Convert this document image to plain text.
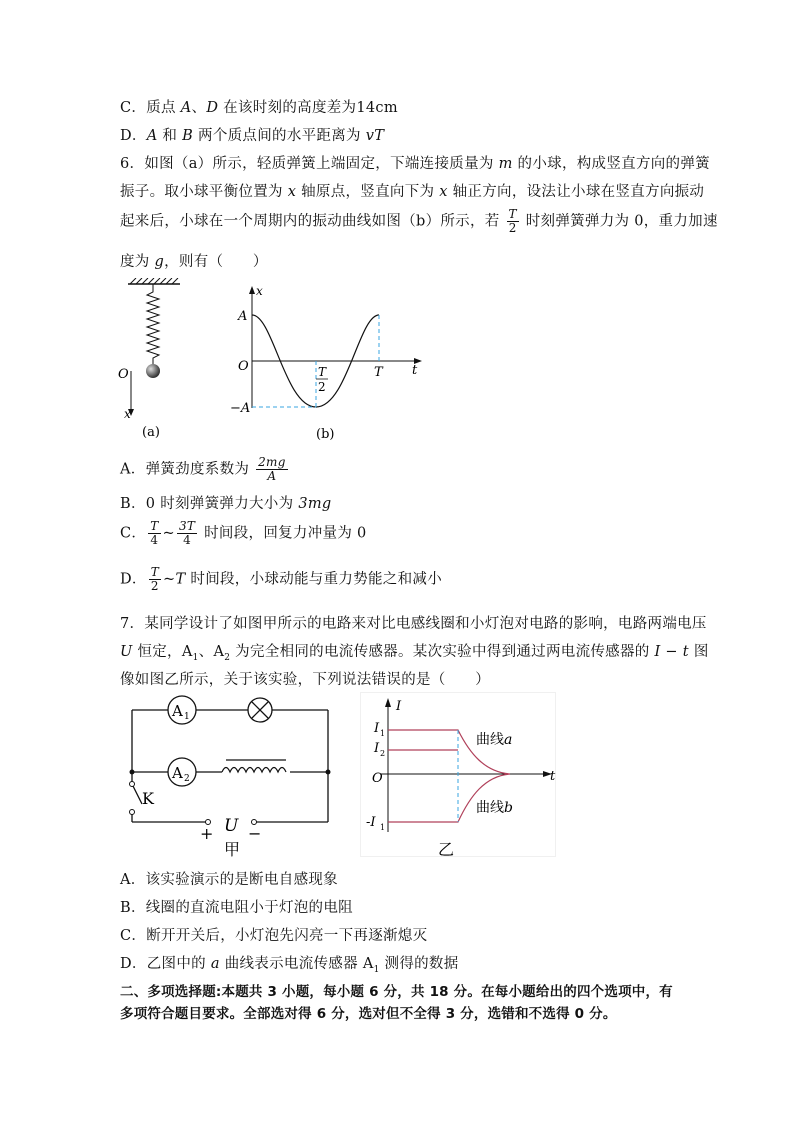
C．质点 A、D 在该时刻的高度差为14cm
D．A 和 B 两个质点间的水平距离为 vT
6．如图（a）所示，轻质弹簧上端固定，下端连接质量为 m 的小球，构成竖直方向的弹簧
振子。取小球平衡位置为 x 轴原点，竖直向下为 x 轴正方向，设法让小球在竖直方向振动
起来后，小球在一个周期内的振动曲线如图（b）所示，若 $\frac{T}{2}$ 时刻弹簧弹力为 0，重力加速
度为 g，则有（　　）
O
x
(a)
x
A
O
−A
T
2
T t
(b)
A．弹簧劲度系数为 $\frac{2mg}{A}$
B．0 时刻弹簧弹力大小为 3mg
C． $\frac{T}{4}$ ~ $\frac{3T}{4}$ 时间段，回复力冲量为 0
D． $\frac{T}{2}$ ~T 时间段，小球动能与重力势能之和减小
7．某同学设计了如图甲所示的电路来对比电感线圈和小灯泡对电路的影响，电路两端电压
U 恒定，$A_1$、$A_2$ 为完全相同的电流传感器。某次实验中得到通过两电流传感器的 I − t 图
像如图乙所示，关于该实验，下列说法错误的是（　　）
A 1
A 2
K
+ U −
甲
I
I 1
I 2
O	t
-I 1
曲线 a
曲线 b
乙
A．该实验演示的是断电自感现象
B．线圈的直流电阻小于灯泡的电阻
C．断开开关后，小灯泡先闪亮一下再逐渐熄灭
D．乙图中的 a 曲线表示电流传感器 $A_1$ 测得的数据
二、多项选择题:本题共 3 小题，每小题 6 分，共 18 分。在每小题给出的四个选项中，有
多项符合题目要求。全部选对得 6 分，选对但不全得 3 分，选错和不选得 0 分。
